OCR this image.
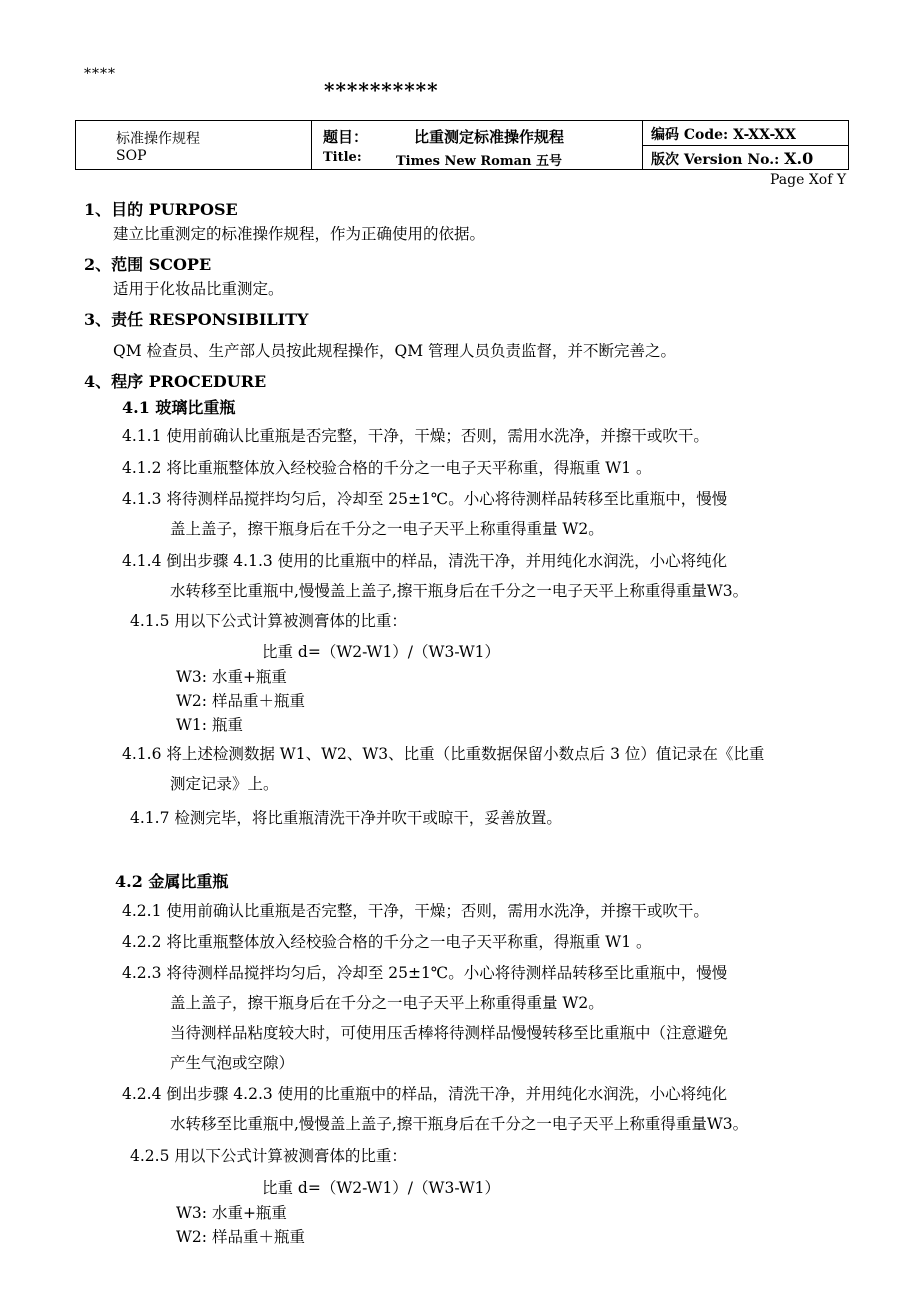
****
**********
标准操作规程
SOP
题目：	比重测定标准操作规程
Title:	Times New Roman 五号
编码 Code: X-XX-XX
版次 Version No.: X.0
Page Xof Y
1、目的 PURPOSE
建立比重测定的标准操作规程，作为正确使用的依据。
2、范围 SCOPE
适用于化妆品比重测定。
3、责任 RESPONSIBILITY
QM 检查员、生产部人员按此规程操作，QM 管理人员负责监督，并不断完善之。
4、程序 PROCEDURE
4.1 玻璃比重瓶
4.1.1 使用前确认比重瓶是否完整，干净，干燥；否则，需用水洗净，并擦干或吹干。
4.1.2 将比重瓶整体放入经校验合格的千分之一电子天平称重，得瓶重 W1 。
4.1.3 将待测样品搅拌均匀后，冷却至 25±1℃。小心将待测样品转移至比重瓶中，慢慢
盖上盖子，擦干瓶身后在千分之一电子天平上称重得重量 W2。
4.1.4 倒出步骤 4.1.3 使用的比重瓶中的样品，清洗干净，并用纯化水润洗，小心将纯化
水转移至比重瓶中,慢慢盖上盖子,擦干瓶身后在千分之一电子天平上称重得重量W3。
4.1.5 用以下公式计算被测膏体的比重：
比重 d=（W2-W1）/（W3-W1）
W3: 水重+瓶重
W2: 样品重＋瓶重
W1: 瓶重
4.1.6 将上述检测数据 W1、W2、W3、比重（比重数据保留小数点后 3 位）值记录在《比重
测定记录》上。
4.1.7 检测完毕，将比重瓶清洗干净并吹干或晾干，妥善放置。
4.2 金属比重瓶
4.2.1 使用前确认比重瓶是否完整，干净，干燥；否则，需用水洗净，并擦干或吹干。
4.2.2 将比重瓶整体放入经校验合格的千分之一电子天平称重，得瓶重 W1 。
4.2.3 将待测样品搅拌均匀后，冷却至 25±1℃。小心将待测样品转移至比重瓶中，慢慢
盖上盖子，擦干瓶身后在千分之一电子天平上称重得重量 W2。
当待测样品粘度较大时，可使用压舌棒将待测样品慢慢转移至比重瓶中（注意避免
产生气泡或空隙）
4.2.4 倒出步骤 4.2.3 使用的比重瓶中的样品，清洗干净，并用纯化水润洗，小心将纯化
水转移至比重瓶中,慢慢盖上盖子,擦干瓶身后在千分之一电子天平上称重得重量W3。
4.2.5 用以下公式计算被测膏体的比重：
比重 d=（W2-W1）/（W3-W1）
W3: 水重+瓶重
W2: 样品重＋瓶重
